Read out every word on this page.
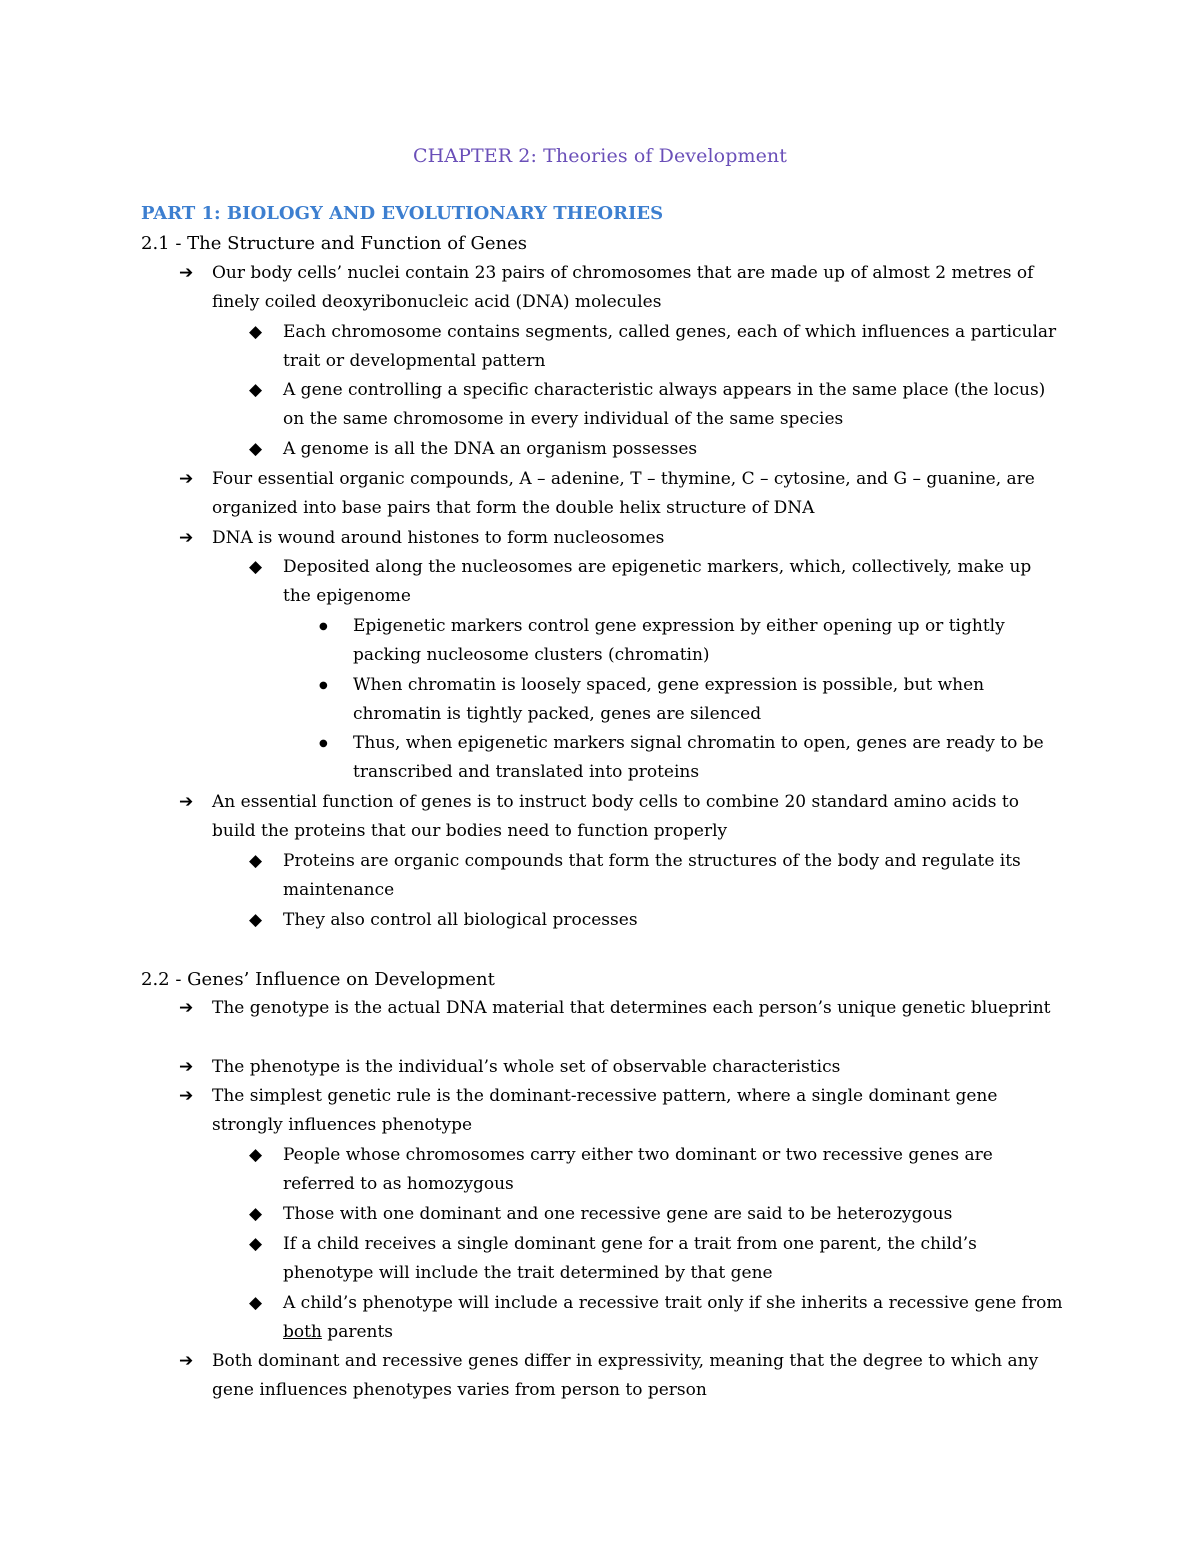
CHAPTER 2: Theories of Development
PART 1: BIOLOGY AND EVOLUTIONARY THEORIES
2.1 - The Structure and Function of Genes
➔ Our body cells’ nuclei contain 23 pairs of chromosomes that are made up of almost 2 metres of finely coiled deoxyribonucleic acid (DNA) molecules
◆ Each chromosome contains segments, called genes, each of which influences a particular trait or developmental pattern
◆ A gene controlling a specific characteristic always appears in the same place (the locus) on the same chromosome in every individual of the same species
◆ A genome is all the DNA an organism possesses
➔ Four essential organic compounds, A – adenine, T – thymine, C – cytosine, and G – guanine, are organized into base pairs that form the double helix structure of DNA
➔ DNA is wound around histones to form nucleosomes
◆ Deposited along the nucleosomes are epigenetic markers, which, collectively, make up the epigenome
● Epigenetic markers control gene expression by either opening up or tightly packing nucleosome clusters (chromatin)
● When chromatin is loosely spaced, gene expression is possible, but when chromatin is tightly packed, genes are silenced
● Thus, when epigenetic markers signal chromatin to open, genes are ready to be transcribed and translated into proteins
➔ An essential function of genes is to instruct body cells to combine 20 standard amino acids to build the proteins that our bodies need to function properly
◆ Proteins are organic compounds that form the structures of the body and regulate its maintenance
◆ They also control all biological processes
2.2 - Genes’ Influence on Development
➔ The genotype is the actual DNA material that determines each person’s unique genetic blueprint
➔ The phenotype is the individual’s whole set of observable characteristics
➔ The simplest genetic rule is the dominant-recessive pattern, where a single dominant gene strongly influences phenotype
◆ People whose chromosomes carry either two dominant or two recessive genes are referred to as homozygous
◆ Those with one dominant and one recessive gene are said to be heterozygous
◆ If a child receives a single dominant gene for a trait from one parent, the child’s phenotype will include the trait determined by that gene
◆ A child’s phenotype will include a recessive trait only if she inherits a recessive gene from both parents
➔ Both dominant and recessive genes differ in expressivity, meaning that the degree to which any gene influences phenotypes varies from person to person
